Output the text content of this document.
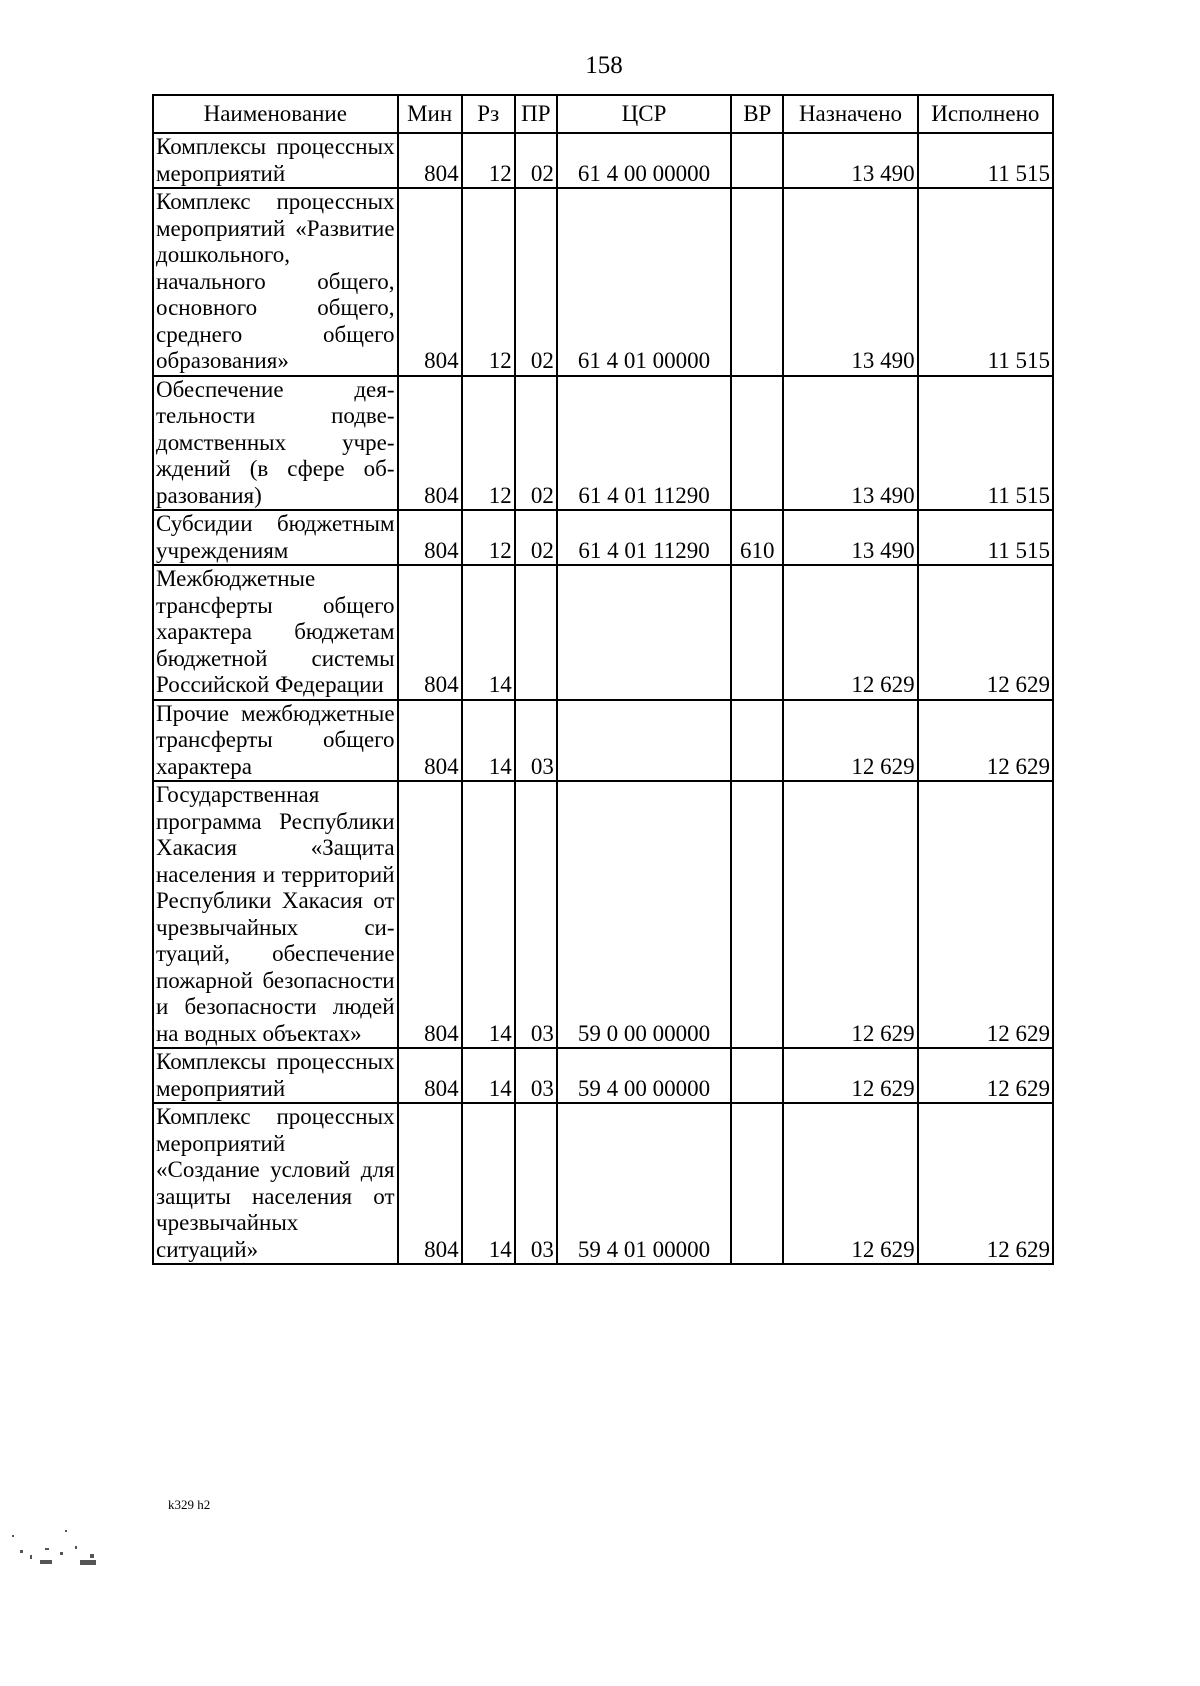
158
Наименование	Мин	Рз	ПР	ЦСР	ВР	Назначено	Исполнено
Комплексы процессных мероприятий	804	12	02	61 4 00 00000		13 490	11 515
Комплекс процессных мероприятий «Развитие дошкольного, начального общего, основного общего, среднего общего образования»	804	12	02	61 4 01 00000		13 490	11 515
Обеспечение деятельности подведомственных учреждений (в сфере образования)	804	12	02	61 4 01 11290		13 490	11 515
Субсидии бюджетным учреждениям	804	12	02	61 4 01 11290	610	13 490	11 515
Межбюджетные трансферты общего характера бюджетам бюджетной системы Российской Федерации	804	14				12 629	12 629
Прочие межбюджетные трансферты общего характера	804	14	03			12 629	12 629
Государственная программа Республики Хакасия «Защита населения и территорий Республики Хакасия от чрезвычайных ситуаций, обеспечение пожарной безопасности и безопасности людей на водных объектах»	804	14	03	59 0 00 00000		12 629	12 629
Комплексы процессных мероприятий	804	14	03	59 4 00 00000		12 629	12 629
Комплекс процессных мероприятий «Создание условий для защиты населения от чрезвычайных ситуаций»	804	14	03	59 4 01 00000		12 629	12 629
k329 h2
